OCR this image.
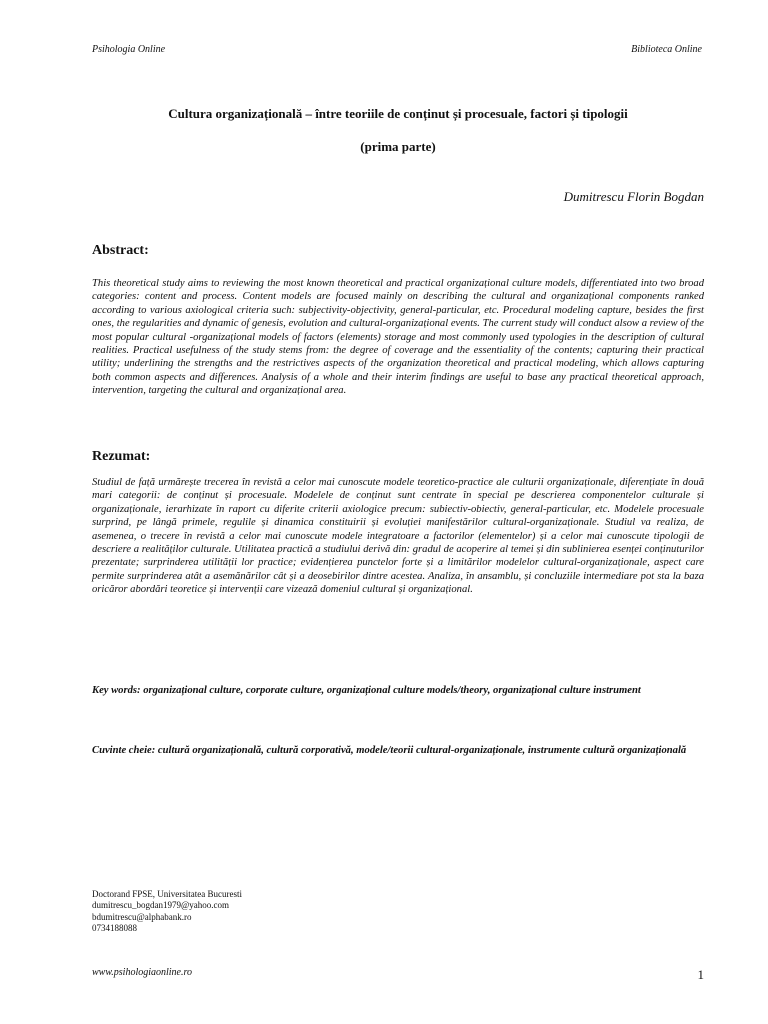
Psihologia Online	Biblioteca Online
Cultura organizațională – între teoriile de conținut și procesuale, factori și tipologii
(prima parte)
Dumitrescu Florin Bogdan
Abstract:
This theoretical study aims to reviewing the most known theoretical and practical organizațional culture models, differentiated into two broad categories: content and process. Content models are focused mainly on describing the cultural and organizațional components ranked according to various axiological criteria such: subjectivity-objectivity, general-particular, etc. Procedural modeling capture, besides the first ones, the regularities and dynamic of genesis, evolution and cultural-organizațional events. The current study will conduct alsow a review of the most popular cultural -organizațional models of factors (elements) storage and most commonly used typologies in the description of cultural realities. Practical usefulness of the study stems from: the degree of coverage and the essentiality of the contents; capturing their practical utility; underlining the strengths and the restrictives aspects of the organization theoretical and practical modeling, which allows capturing both common aspects and differences. Analysis of a whole and their interim findings are useful to base any practical theoretical approach, intervention, targeting the cultural and organizațional area.
Rezumat:
Studiul de față urmărește trecerea în revistă a celor mai cunoscute modele teoretico-practice ale culturii organizaționale, diferențiate în două mari categorii: de conținut și procesuale. Modelele de conținut sunt centrate în special pe descrierea componentelor culturale și organizaționale, ierarhizate în raport cu diferite criterii axiologice precum: subiectiv-obiectiv, general-particular, etc. Modelele procesuale surprind, pe lângă primele, regulile și dinamica constituirii și evoluției manifestărilor cultural-organizaționale. Studiul va realiza, de asemenea, o trecere în revistă a celor mai cunoscute modele integratoare a factorilor (elementelor) și a celor mai cunoscute tipologii de descriere a realităților culturale. Utilitatea practică a studiului derivă din: gradul de acoperire al temei și din sublinierea esenței conținuturilor prezentate; surprinderea utilității lor practice; evidențierea punctelor forte și a limitărilor modelelor cultural-organizaționale, aspect care permite surprinderea atât a asemănărilor cât și a deosebirilor dintre acestea. Analiza, în ansamblu, și concluziile intermediare pot sta la baza oricăror abordări teoretice și intervenții care vizează domeniul cultural și organizațional.
Key words: organizațional culture, corporate culture, organizațional culture models/theory, organizațional culture instrument
Cuvinte cheie: cultură organizațională, cultură corporativă, modele/teorii cultural-organizaționale, instrumente cultură organizațională
Doctorand FPSE, Universitatea Bucuresti
dumitrescu_bogdan1979@yahoo.com
bdumitrescu@alphabank.ro
0734188088
www.psihologiaonline.ro	1
